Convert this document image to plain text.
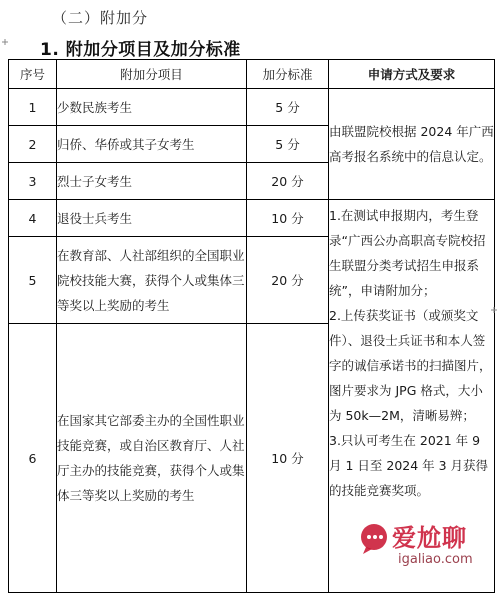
（二）附加分
1. 附加分项目及加分标准
序号	附加分项目	加分标准	申请方式及要求
1	少数民族考生	5 分	由联盟院校根据 2024 年广西高考报名系统中的信息认定。

2	归侨、华侨或其子女考生	5 分	
3	烈士子女考生	20 分	
4	退役士兵考生	10 分	1.在测试申报期内，考生登录“广西公办高职高专院校招生联盟分类考试招生申报系统”，申请附加分；
2.上传获奖证书（或颁奖文件）、退役士兵证书和本人签字的诚信承诺书的扫描图片，图片要求为 JPG 格式，大小为 50k—2M，清晰易辨；
3.只认可考生在 2021 年 9 月 1 日至 2024 年 3 月获得的技能竞赛奖项。

5	在教育部、人社部组织的全国职业院校技能大赛，获得个人或集体三等奖以上奖励的考生	20 分	
6	在国家其它部委主办的全国性职业技能竞赛，或自治区教育厅、人社厅主办的技能竞赛，获得个人或集体三等奖以上奖励的考生	10 分	
爱尬聊
igaliao.com
